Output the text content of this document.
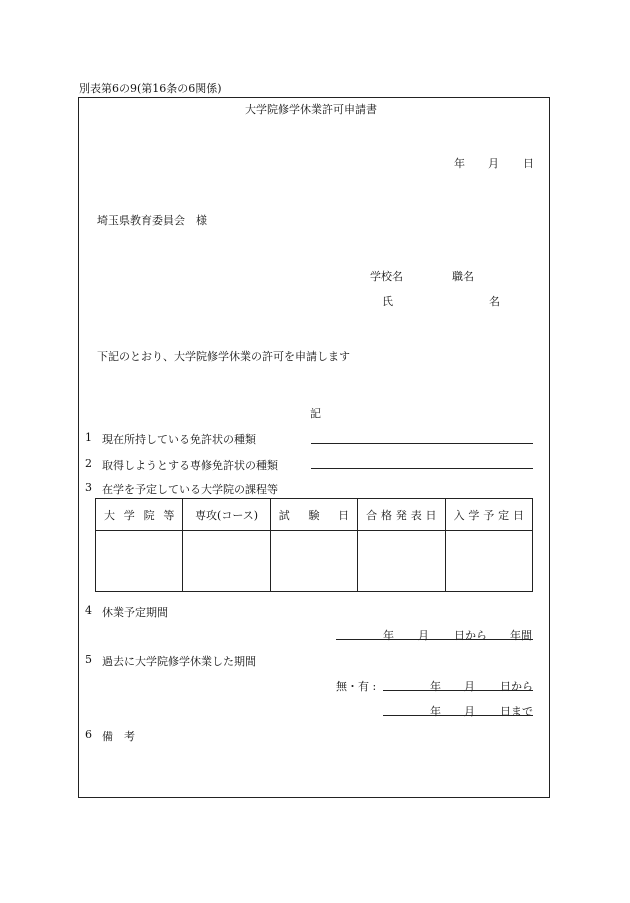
別表第6の9(第16条の6関係)
大学院修学休業許可申請書
年 月 日
埼玉県教育委員会　様
学校名	職名
氏	名
下記のとおり、大学院修学休業の許可を申請します
記
1 現在所持している免許状の種類
2 取得しようとする専修免許状の種類
3 在学を予定している大学院の課程等
大 学 院 等	専攻(コース)	試 験 日	合 格 発 表 日	入 学 予 定 日

4 休業予定期間
年 月 日から 年間
5 過去に大学院修学休業した期間
無・有 :	年 月 日から
年 月 日まで
6 備　考
